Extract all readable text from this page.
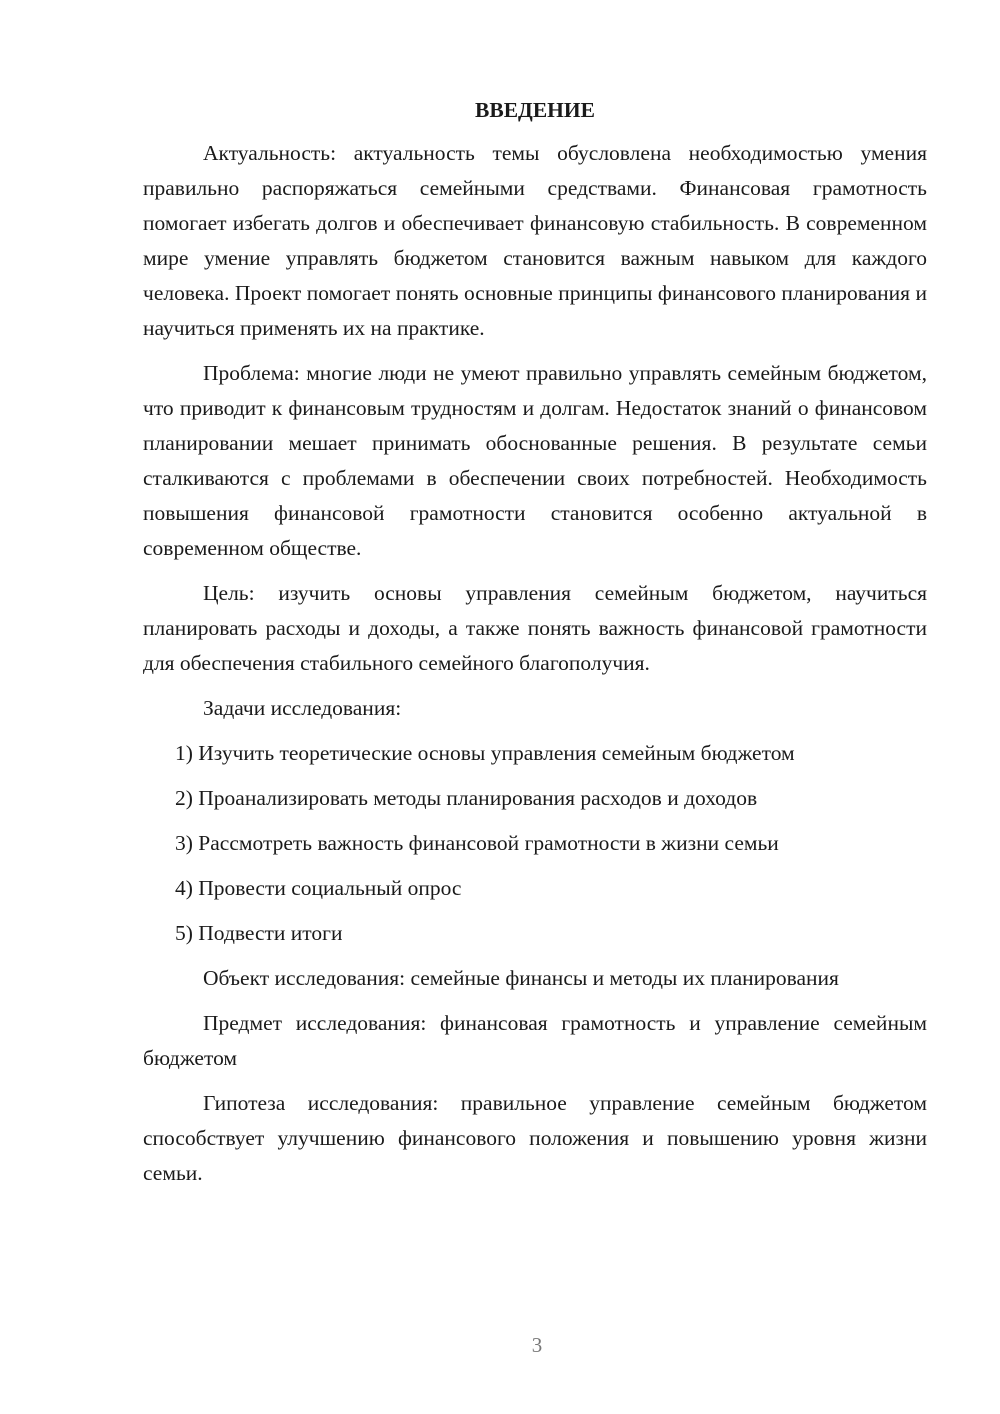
ВВЕДЕНИЕ

Актуальность: актуальность темы обусловлена необходимостью умения правильно распоряжаться семейными средствами. Финансовая грамотность помогает избегать долгов и обеспечивает финансовую стабильность. В современном мире умение управлять бюджетом становится важным навыком для каждого человека. Проект помогает понять основные принципы финансового планирования и научиться применять их на практике.

Проблема: многие люди не умеют правильно управлять семейным бюджетом, что приводит к финансовым трудностям и долгам. Недостаток знаний о финансовом планировании мешает принимать обоснованные решения. В результате семьи сталкиваются с проблемами в обеспечении своих потребностей. Необходимость повышения финансовой грамотности становится особенно актуальной в современном обществе.

Цель: изучить основы управления семейным бюджетом, научиться планировать расходы и доходы, а также понять важность финансовой грамотности для обеспечения стабильного семейного благополучия.

Задачи исследования:

1) Изучить теоретические основы управления семейным бюджетом
2) Проанализировать методы планирования расходов и доходов
3) Рассмотреть важность финансовой грамотности в жизни семьи
4) Провести социальный опрос
5) Подвести итоги

Объект исследования: семейные финансы и методы их планирования

Предмет исследования: финансовая грамотность и управление семейным бюджетом

Гипотеза исследования: правильное управление семейным бюджетом способствует улучшению финансового положения и повышению уровня жизни семьи.

3
